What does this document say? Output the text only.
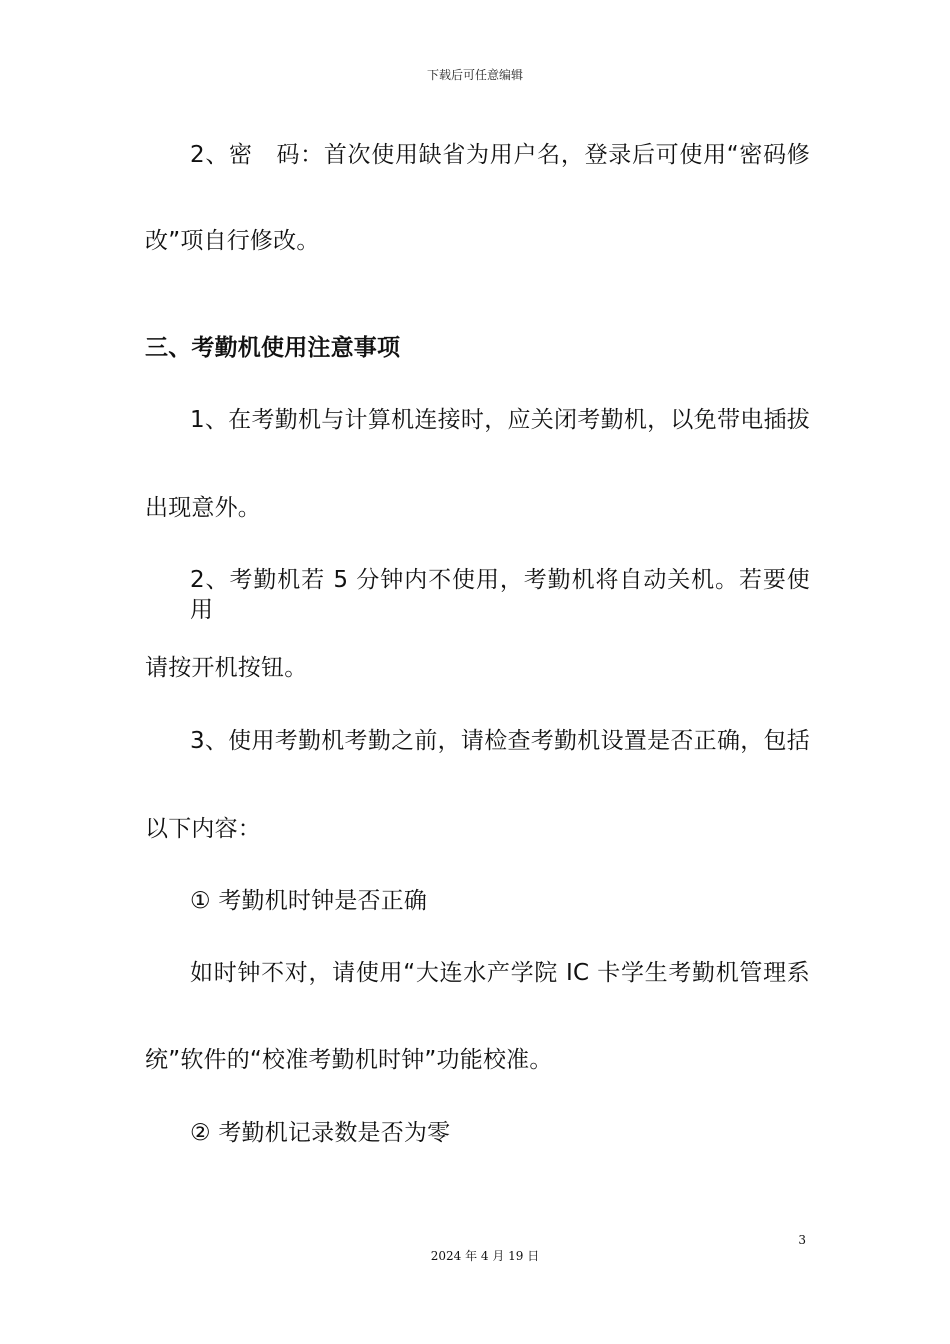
下载后可任意编辑
2、密　码：首次使用缺省为用户名，登录后可使用“密码修
改”项自行修改。
三、考勤机使用注意事项
1、在考勤机与计算机连接时，应关闭考勤机，以免带电插拔
出现意外。
2、考勤机若 5 分钟内不使用，考勤机将自动关机。若要使用
请按开机按钮。
3、使用考勤机考勤之前，请检查考勤机设置是否正确，包括
以下内容：
① 考勤机时钟是否正确
如时钟不对，请使用“大连水产学院 IC 卡学生考勤机管理系
统”软件的“校准考勤机时钟”功能校准。
② 考勤机记录数是否为零
3
2024 年 4 月 19 日
